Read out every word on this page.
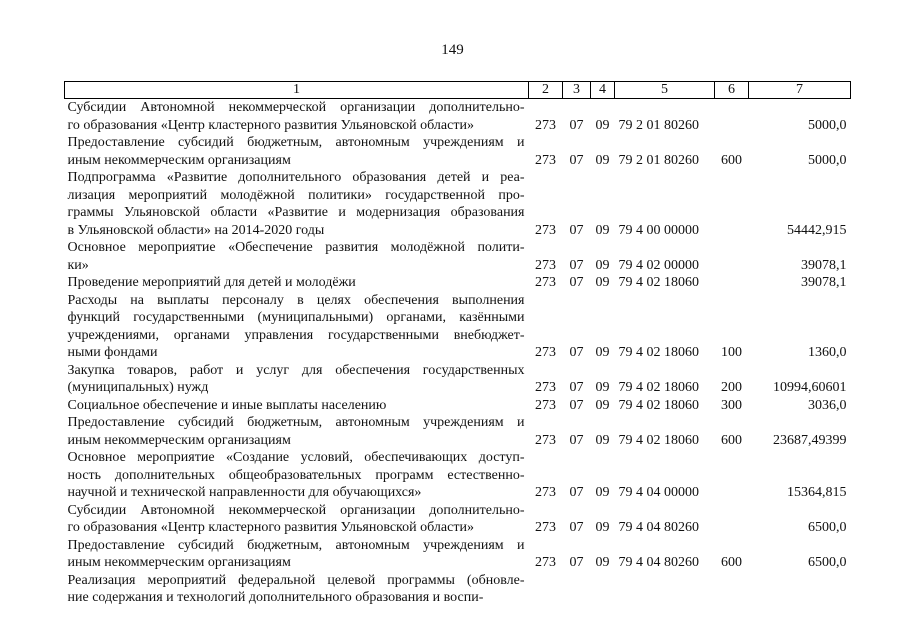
149
1	2	3	4	5	6	7

Субсидии Автономной некоммерческой организации дополнительно-
го образования «Центр кластерного развития Ульяновской области»	273	07	09	79 2 01 80260		5000,0

Предоставление субсидий бюджетным, автономным учреждениям и
иным некоммерческим организациям	273	07	09	79 2 01 80260	600	5000,0

Подпрограмма «Развитие дополнительного образования детей и реа-
лизация мероприятий молодёжной политики» государственной про-
граммы Ульяновской области «Развитие и модернизация образования
в Ульяновской области» на 2014-2020 годы	273	07	09	79 4 00 00000		54442,915

Основное мероприятие «Обеспечение развития молодёжной полити-
ки»	273	07	09	79 4 02 00000		39078,1

Проведение мероприятий для детей и молодёжи	273	07	09	79 4 02 18060		39078,1

Расходы на выплаты персоналу в целях обеспечения выполнения
функций государственными (муниципальными) органами, казёнными
учреждениями, органами управления государственными внебюджет-
ными фондами	273	07	09	79 4 02 18060	100	1360,0

Закупка товаров, работ и услуг для обеспечения государственных
(муниципальных) нужд	273	07	09	79 4 02 18060	200	10994,60601

Социальное обеспечение и иные выплаты населению	273	07	09	79 4 02 18060	300	3036,0

Предоставление субсидий бюджетным, автономным учреждениям и
иным некоммерческим организациям	273	07	09	79 4 02 18060	600	23687,49399

Основное мероприятие «Создание условий, обеспечивающих доступ-
ность дополнительных общеобразовательных программ естественно-
научной и технической направленности для обучающихся»	273	07	09	79 4 04 00000		15364,815

Субсидии Автономной некоммерческой организации дополнительно-
го образования «Центр кластерного развития Ульяновской области»	273	07	09	79 4 04 80260		6500,0

Предоставление субсидий бюджетным, автономным учреждениям и
иным некоммерческим организациям	273	07	09	79 4 04 80260	600	6500,0

Реализация мероприятий федеральной целевой программы (обновле-
ние содержания и технологий дополнительного образования и воспи-						
